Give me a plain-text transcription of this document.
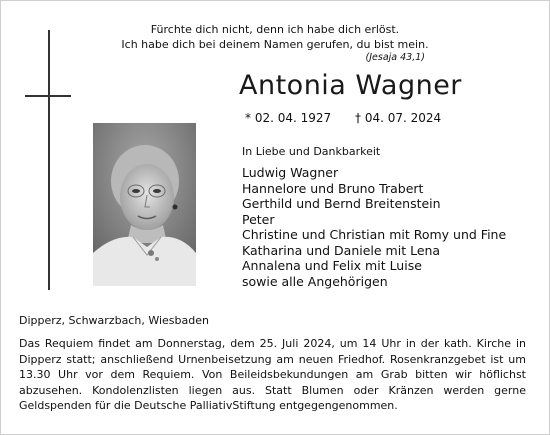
Fürchte dich nicht, denn ich habe dich erlöst.
Ich habe dich bei deinem Namen gerufen, du bist mein.
(Jesaja 43,1)
Antonia Wagner
* 02. 04. 1927 † 04. 07. 2024
In Liebe und Dankbarkeit
Ludwig Wagner
Hannelore und Bruno Trabert
Gerthild und Bernd Breitenstein
Peter
Christine und Christian mit Romy und Fine
Katharina und Daniele mit Lena
Annalena und Felix mit Luise
sowie alle Angehörigen
Dipperz, Schwarzbach, Wiesbaden
Das Requiem findet am Donnerstag, dem 25. Juli 2024, um 14 Uhr in der kath. Kirche in Dipperz statt; anschließend Urnenbeisetzung am neuen Friedhof. Rosenkranzgebet ist um 13.30 Uhr vor dem Requiem. Von Beileidsbekundungen am Grab bitten wir höflichst abzusehen. Kondolenzlisten liegen aus. Statt Blumen oder Kränzen werden gerne Geldspenden für die Deutsche PalliativStiftung entgegengenommen.
